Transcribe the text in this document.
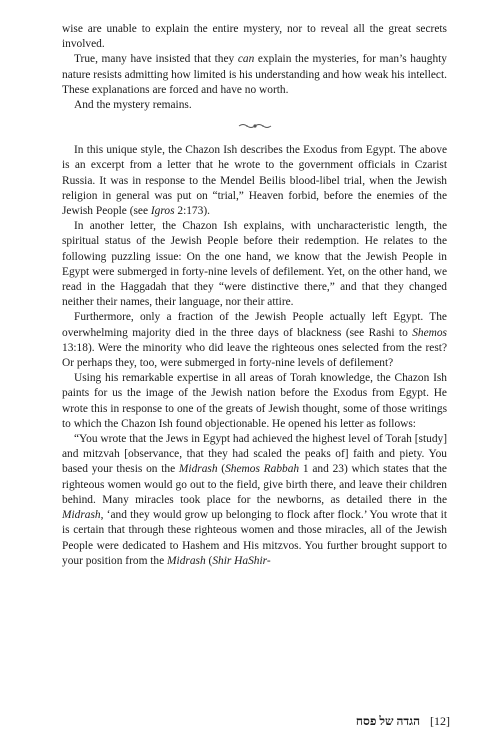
wise are unable to explain the entire mystery, nor to reveal all the great secrets involved.

True, many have insisted that they can explain the mysteries, for man’s haughty nature resists admitting how limited is his understanding and how weak his intellect. These explanations are forced and have no worth.

And the mystery remains.

In this unique style, the Chazon Ish describes the Exodus from Egypt. The above is an excerpt from a letter that he wrote to the government officials in Czarist Russia. It was in response to the Mendel Beilis blood-libel trial, when the Jewish religion in general was put on “trial,” Heaven forbid, before the enemies of the Jewish People (see Igros 2:173).

In another letter, the Chazon Ish explains, with uncharacteristic length, the spiritual status of the Jewish People before their redemption. He relates to the following puzzling issue: On the one hand, we know that the Jewish People in Egypt were submerged in forty-nine levels of defilement. Yet, on the other hand, we read in the Haggadah that they “were distinctive there,” and that they changed neither their names, their language, nor their attire.

Furthermore, only a fraction of the Jewish People actually left Egypt. The overwhelming majority died in the three days of blackness (see Rashi to Shemos 13:18). Were the minority who did leave the righteous ones selected from the rest? Or perhaps they, too, were submerged in forty-nine levels of defilement?

Using his remarkable expertise in all areas of Torah knowledge, the Chazon Ish paints for us the image of the Jewish nation before the Exodus from Egypt. He wrote this in response to one of the greats of Jewish thought, some of those writings to which the Chazon Ish found objectionable. He opened his letter as follows:

“You wrote that the Jews in Egypt had achieved the highest level of Torah [study] and mitzvah [observance, that they had scaled the peaks of] faith and piety. You based your thesis on the Midrash (Shemos Rabbah 1 and 23) which states that the righteous women would go out to the field, give birth there, and leave their children behind. Many miracles took place for the newborns, as detailed there in the Midrash, ‘and they would grow up belonging to flock after flock.’ You wrote that it is certain that through these righteous women and those miracles, all of the Jewish People were dedicated to Hashem and His mitzvos. You further brought support to your position from the Midrash (Shir HaShir-

הגדה של פסח [12]
